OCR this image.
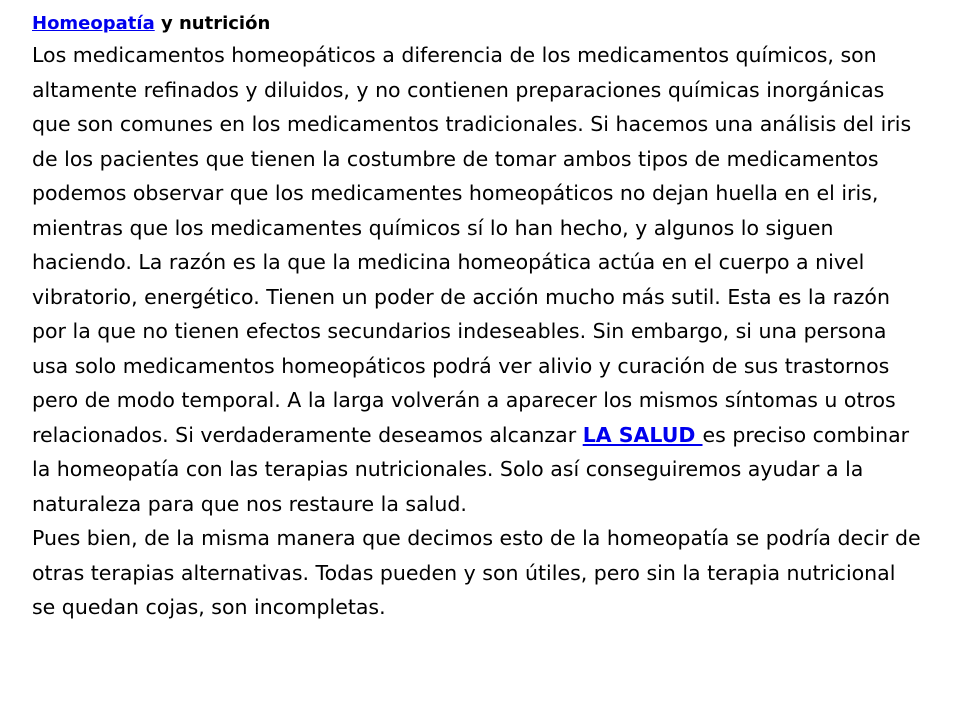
Homeopatía y nutrición

Los medicamentos homeopáticos a diferencia de los medicamentos químicos, son altamente refinados y diluidos, y no contienen preparaciones químicas inorgánicas que son comunes en los medicamentos tradicionales. Si hacemos una análisis del iris de los pacientes que tienen la costumbre de tomar ambos tipos de medicamentos podemos observar que los medicamentes homeopáticos no dejan huella en el iris, mientras que los medicamentes químicos sí lo han hecho, y algunos lo siguen haciendo. La razón es la que la medicina homeopática actúa en el cuerpo a nivel vibratorio, energético. Tienen un poder de acción mucho más sutil. Esta es la razón por la que no tienen efectos secundarios indeseables. Sin embargo, si una persona usa solo medicamentos homeopáticos podrá ver alivio y curación de sus trastornos pero de modo temporal. A la larga volverán a aparecer los mismos síntomas u otros relacionados. Si verdaderamente deseamos alcanzar LA SALUD es preciso combinar la homeopatía con las terapias nutricionales. Solo así conseguiremos ayudar a la naturaleza para que nos restaure la salud.

Pues bien, de la misma manera que decimos esto de la homeopatía se podría decir de otras terapias alternativas. Todas pueden y son útiles, pero sin la terapia nutricional se quedan cojas, son incompletas.
